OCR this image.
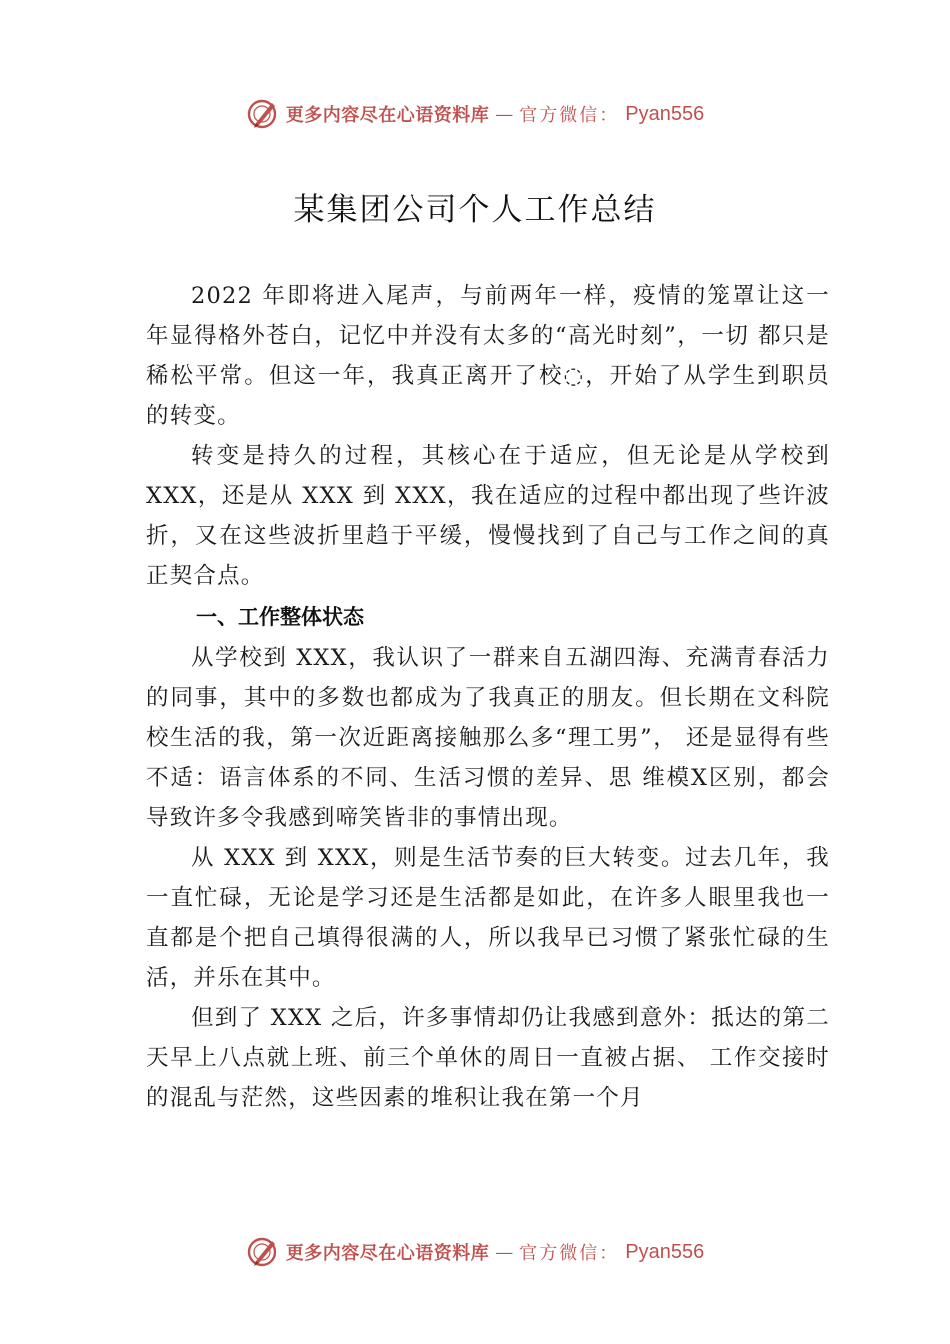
更多内容尽在心语资料库 — 官方微信： Pyan556
某集团公司个人工作总结

2022 年即将进入尾声，与前两年一样，疫情的笼罩让这一年显得格外苍白，记忆中并没有太多的“高光时刻”，一切 都只是稀松平常。但这一年，我真正离开了校◌，开始了从学生到职员的转变。

转变是持久的过程，其核心在于适应，但无论是从学校到 XXX，还是从 XXX 到 XXX，我在适应的过程中都出现了些许波折，又在这些波折里趋于平缓，慢慢找到了自己与工作之间的真正契合点。

一、工作整体状态

从学校到 XXX，我认识了一群来自五湖四海、充满青春活力的同事，其中的多数也都成为了我真正的朋友。但长期在文科院校生活的我，第一次近距离接触那么多“理工男”， 还是显得有些不适：语言体系的不同、生活习惯的差异、思 维模X区别，都会导致许多令我感到啼笑皆非的事情出现。

从 XXX 到 XXX，则是生活节奏的巨大转变。过去几年，我一直忙碌，无论是学习还是生活都是如此，在许多人眼里我也一直都是个把自己填得很满的人，所以我早已习惯了紧张忙碌的生活，并乐在其中。

但到了 XXX 之后，许多事情却仍让我感到意外：抵达的第二天早上八点就上班、前三个单休的周日一直被占据、 工作交接时的混乱与茫然，这些因素的堆积让我在第一个月

更多内容尽在心语资料库 — 官方微信： Pyan556
